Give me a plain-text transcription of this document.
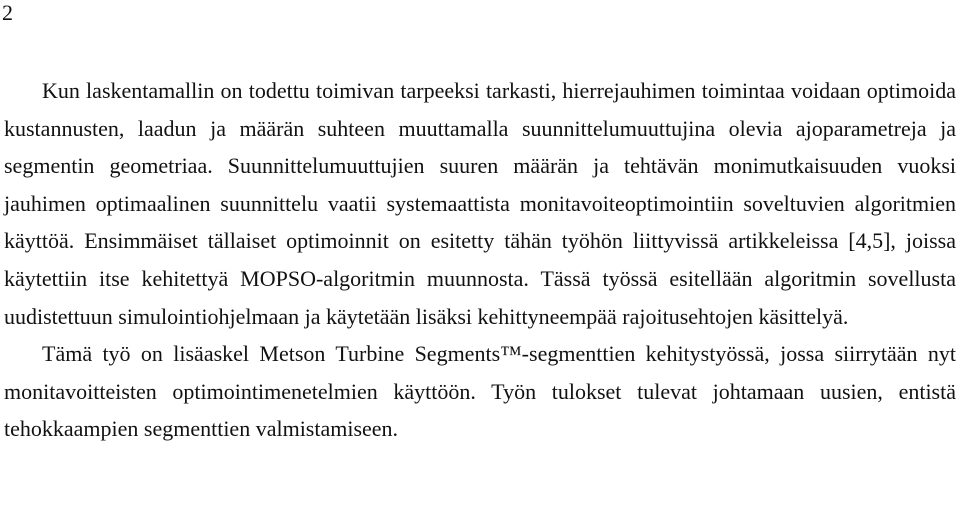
2

Kun laskentamallin on todettu toimivan tarpeeksi tarkasti, hierrejauhimen toimintaa voidaan optimoida kustannusten, laadun ja määrän suhteen muuttamalla suunnittelumuuttujina olevia ajoparametreja ja segmentin geometriaa. Suunnittelumuuttujien suuren määrän ja tehtävän monimutkaisuuden vuoksi jauhimen optimaalinen suunnittelu vaatii systemaattista monitavoiteoptimointiin soveltuvien algoritmien käyttöä. Ensimmäiset tällaiset optimoinnit on esitetty tähän työhön liittyvissä artikkeleissa [4,5], joissa käytettiin itse kehitettyä MOPSO-algoritmin muunnosta. Tässä työssä esitellään algoritmin sovellusta uudistettuun simulointiohjelmaan ja käytetään lisäksi kehittyneempää rajoitusehtojen käsittelyä.

Tämä työ on lisäaskel Metson Turbine Segments™-segmenttien kehitystyössä, jossa siirrytään nyt monitavoitteisten optimointimenetelmien käyttöön. Työn tulokset tulevat johtamaan uusien, entistä tehokkaampien segmenttien valmistamiseen.
